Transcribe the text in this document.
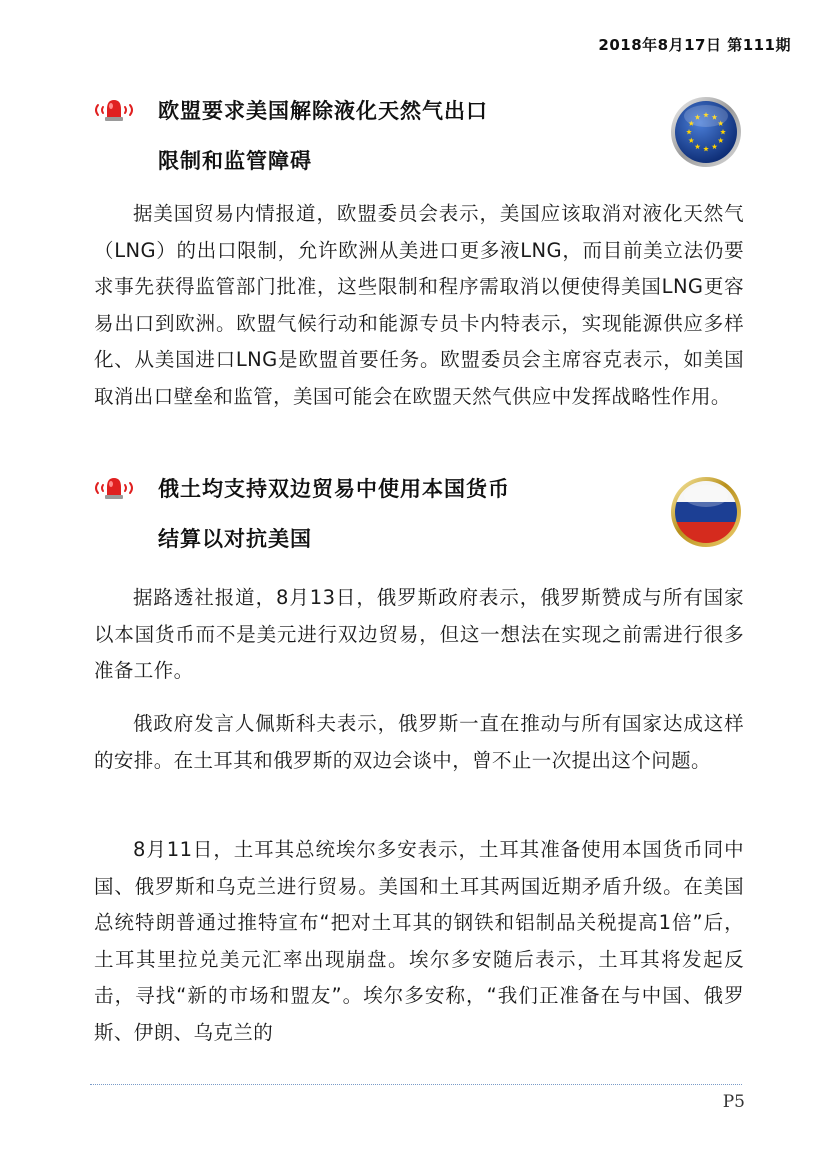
2018年8月17日 第111期
欧盟要求美国解除液化天然气出口
限制和监管障碍

据美国贸易内情报道，欧盟委员会表示，美国应该取消对液化天然气（LNG）的出口限制，允许欧洲从美进口更多液LNG，而目前美立法仍要求事先获得监管部门批准，这些限制和程序需取消以便使得美国LNG更容易出口到欧洲。欧盟气候行动和能源专员卡内特表示，实现能源供应多样化、从美国进口LNG是欧盟首要任务。欧盟委员会主席容克表示，如美国取消出口壁垒和监管，美国可能会在欧盟天然气供应中发挥战略性作用。

俄土均支持双边贸易中使用本国货币
结算以对抗美国

据路透社报道，8月13日，俄罗斯政府表示，俄罗斯赞成与所有国家以本国货币而不是美元进行双边贸易，但这一想法在实现之前需进行很多准备工作。

俄政府发言人佩斯科夫表示，俄罗斯一直在推动与所有国家达成这样的安排。在土耳其和俄罗斯的双边会谈中，曾不止一次提出这个问题。

8月11日，土耳其总统埃尔多安表示，土耳其准备使用本国货币同中国、俄罗斯和乌克兰进行贸易。美国和土耳其两国近期矛盾升级。在美国总统特朗普通过推特宣布“把对土耳其的钢铁和铝制品关税提高1倍”后，土耳其里拉兑美元汇率出现崩盘。埃尔多安随后表示，土耳其将发起反击，寻找“新的市场和盟友”。埃尔多安称，“我们正准备在与中国、俄罗斯、伊朗、乌克兰的

P5
